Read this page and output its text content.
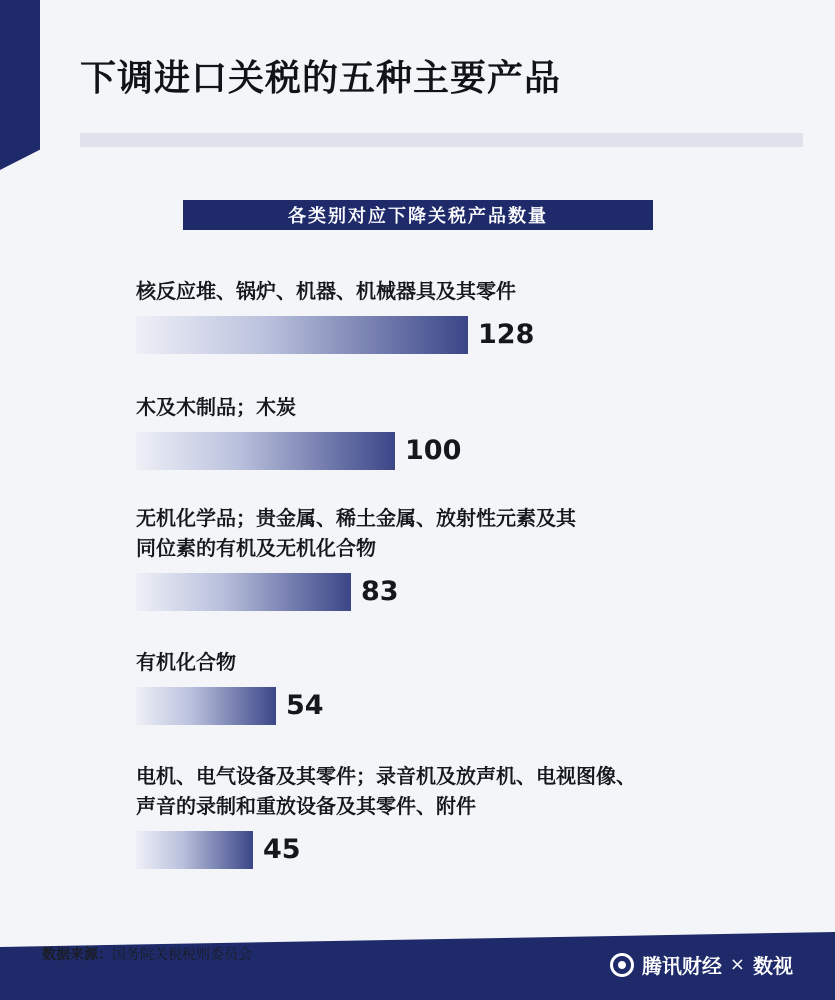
下调进口关税的五种主要产品
各类别对应下降关税产品数量
核反应堆、锅炉、机器、机械器具及其零件
128
木及木制品；木炭
100
无机化学品；贵金属、稀土金属、放射性元素及其
同位素的有机及无机化合物
83
有机化合物
54
电机、电气设备及其零件；录音机及放声机、电视图像、
声音的录制和重放设备及其零件、附件
45
数据来源：国务院关税税则委员会	腾讯财经 × 数视
